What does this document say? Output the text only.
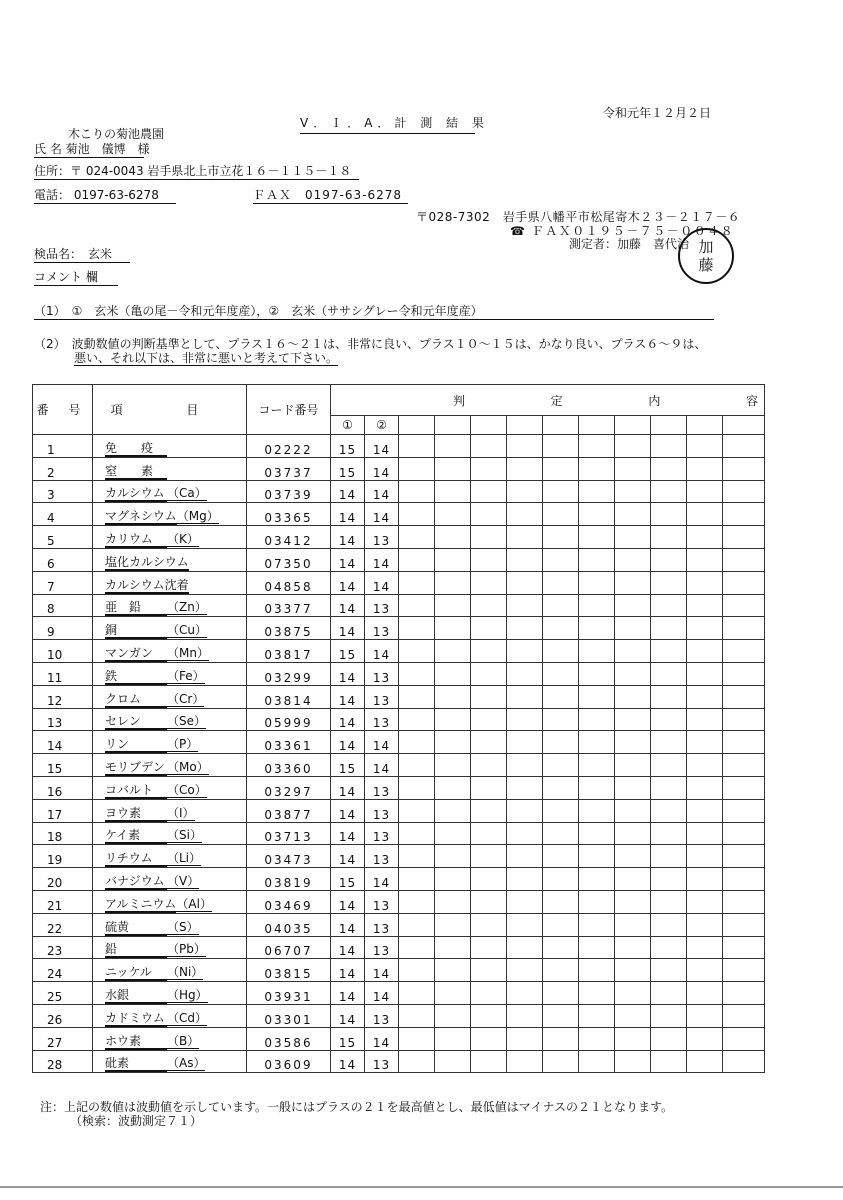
V．Ｉ．A．計 測 結 果
令和元年１２月２日
木こりの菊池農園
氏 名 菊池　儀博　様
住所：〒 024-0043 岩手県北上市立花１６－１１５－１８
電話： 0197-63-6278	ＦＡＸ　0197-63-6278
〒028-7302　岩手県八幡平市松尾寄木２３－２１７－６
☎ ＦＡＸ０１９５－７５－００４８
測定者：加藤　喜代治 加
藤
検品名：　玄米
コメント 欄
（1）　①　玄米（亀の尾－令和元年度産），②　玄米（ササシグレー令和元年度産）
（2）　波動数値の判断基準として、プラス１６～２１は、非常に良い、プラス１０～１５は、かなり良い、プラス６～９は、
悪い、それ以下は、非常に悪いと考えて下さい。
番 号	項 目	コード番号	判 定 内 容											

			①	②										
1	免　　疫	02222	15	14										
2	窒　　素	03737	15	14										
3	カルシウム （Ca）	03739	14	14										
4	マグネシウム（Mg）	03365	14	14										
5	カリウム （K）	03412	14	13										
6	塩化カルシウム	07350	14	14										
7	カルシウム沈着	04858	14	14										
8	亜　鉛 （Zn）	03377	14	13										
9	銅 （Cu）	03875	14	13										
10	マンガン （Mn）	03817	15	14										
11	鉄 （Fe）	03299	14	13										
12	クロム （Cr）	03814	14	13										
13	セレン （Se）	05999	14	13										
14	リン （P）	03361	14	14										
15	モリブデン （Mo）	03360	15	14										
16	コバルト （Co）	03297	14	13										
17	ヨウ素 （I）	03877	14	13										
18	ケイ素 （Si）	03713	14	13										
19	リチウム （Li）	03473	14	13										
20	バナジウム （V）	03819	15	14										
21	アルミニウム（Al）	03469	14	13										
22	硫黄 （S）	04035	14	13										
23	鉛 （Pb）	06707	14	13										
24	ニッケル （Ni）	03815	14	14										
25	水銀 （Hg）	03931	14	14										
26	カドミウム （Cd）	03301	14	13										
27	ホウ素 （B）	03586	15	14										
28	砒素 （As）	03609	14	13										
注：上記の数値は波動値を示しています。一般にはプラスの２１を最高値とし、最低値はマイナスの２１となります。
（検索：波動測定７１）
